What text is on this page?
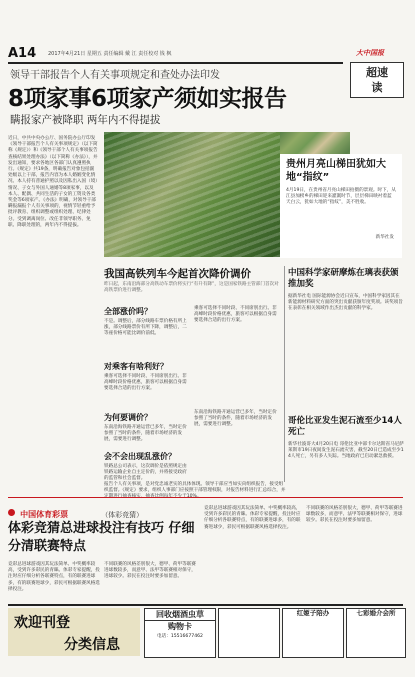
A14 2017年4月21日 星期五 责任编辑 戴 江 责任校对 钱 枫	大中国报
超速读
领导干部报告个人有关事项规定和查处办法印发
8项家事6项家产须如实报告
瞒报家产被降职 两年内不得提拔
近日，中共中央办公厅、国务院办公厅印发《领导干部报告个人有关事项规定》（以下简称《规定》）和《领导干部个人有关事项报告查核结果处理办法》（以下简称《办法》），并发出通知，要求各地区各部门认真遵照执行。《规定》共19条，明确报告对象包括副处级以上干部，报告内容为本人婚姻变化情况、本人持有普通护照以及因私出入国（境）情况、子女与外国人通婚等8项家事，以及本人、配偶、共同生活的子女的工资及各类奖金等6项家产。《办法》明确，对领导干部瞒报漏报个人有关事项的，视情节轻重给予批评教育、组织调整或组织处理、纪律处分。受到调离岗位、改任非领导职务、免职、降职处理的，两年内不得提拔。
贵州月亮山梯田犹如大地“指纹”
4月19日，在贵州省月亮山梯田拍摄的景观。时下，从江县加榜乡的梯田迎来灌溉时节，层层梯田映衬着蓝天白云，犹如大地的“指纹”，美不胜收。
新华社发
我国高铁列车今起首次降价调价
昨日起，东南沿海部分高铁动车票价将实行“有升有降”，这是国家铁路主管部门首次对高铁票价进行调整。
全部涨价吗？
不是。调整后，部分线路车票价格有所上涨，部分线路票价有所下降，调整后，二等座价格可能比调价前低。
对乘客有啥利好？
乘客可选择不同时段、不同席别出行。非高峰时段价格优惠，旅客可以根据自身需要选择合适的出行方案。
为何要调价？
东南沿海铁路开通运营已多年，当时定价参照了当时的条件，随着市场经济的发展，需要进行调整。
会不会出现乱涨价？
铁路总公司表示，这次调价是依照规定由铁路运输企业自主定价的，并将接受政府的监管和社会监督。
乘客可选择不同时段、不同席别出行。非高峰时段价格优惠，旅客可以根据自身需要选择合适的出行方案。
东南沿海铁路开通运营已多年，当时定价参照了当时的条件，随着市场经济的发展，需要进行调整。
中国科学家研摩炼在璃表获颁推加奖
据新华社电 国际能源协会近日宣布，中国科学家因其在新能源材料研究方面的突出贡献获颁年度奖项。该奖项旨在表彰在相关领域作出杰出贡献的科学家。
哥伦比亚发生泥石流至少14人死亡
新华社波哥大4月20日电 哥伦比亚中部卡尔达斯省马尼萨莱斯市19日夜间发生泥石流灾害，截至20日已造成至少14人死亡，另有多人失踪。当地政府已启动紧急救援。
报告个人有关事项，是对党忠诚老实的具体体现。领导干部应当如实向组织报告，接受组织监督。《规定》要求，组织人事部门应按照干部管理权限，对报告材料进行汇总综合，并
中国体育彩票	（体彩竞猜）
体彩竞猜总进球投注有技巧 仔细分清联赛特点
竞彩总进球游戏因其玩法简单、中奖概率较高，受到许多彩民的青睐。体彩专家提醒，投注时应仔细分析各联赛特点，有的联赛进球多，有的联赛进球少，彩民可根据联赛风格选择投注。
不同联赛的风格差别很大，德甲、荷甲等联赛进球数较多，而意甲、法甲等联赛相对保守，进球较少。彩民在投注时要多加留意。
竞彩总进球游戏因其玩法简单、中奖概率较高，受到许多彩民的青睐。体彩专家提醒，投注时应仔细分析各联赛特点，有的联赛进球多，有的联赛进球少，彩民可根据联赛风格选择投注。
不同联赛的风格差别很大，德甲、荷甲等联赛进球数较多，而意甲、法甲等联赛相对保守，进球较少。彩民在投注时要多加留意。
欢迎刊登
分类信息
回收烟酒虫草
购物卡
电话：15516677462
红姬子陪办	七彩婚介会所
